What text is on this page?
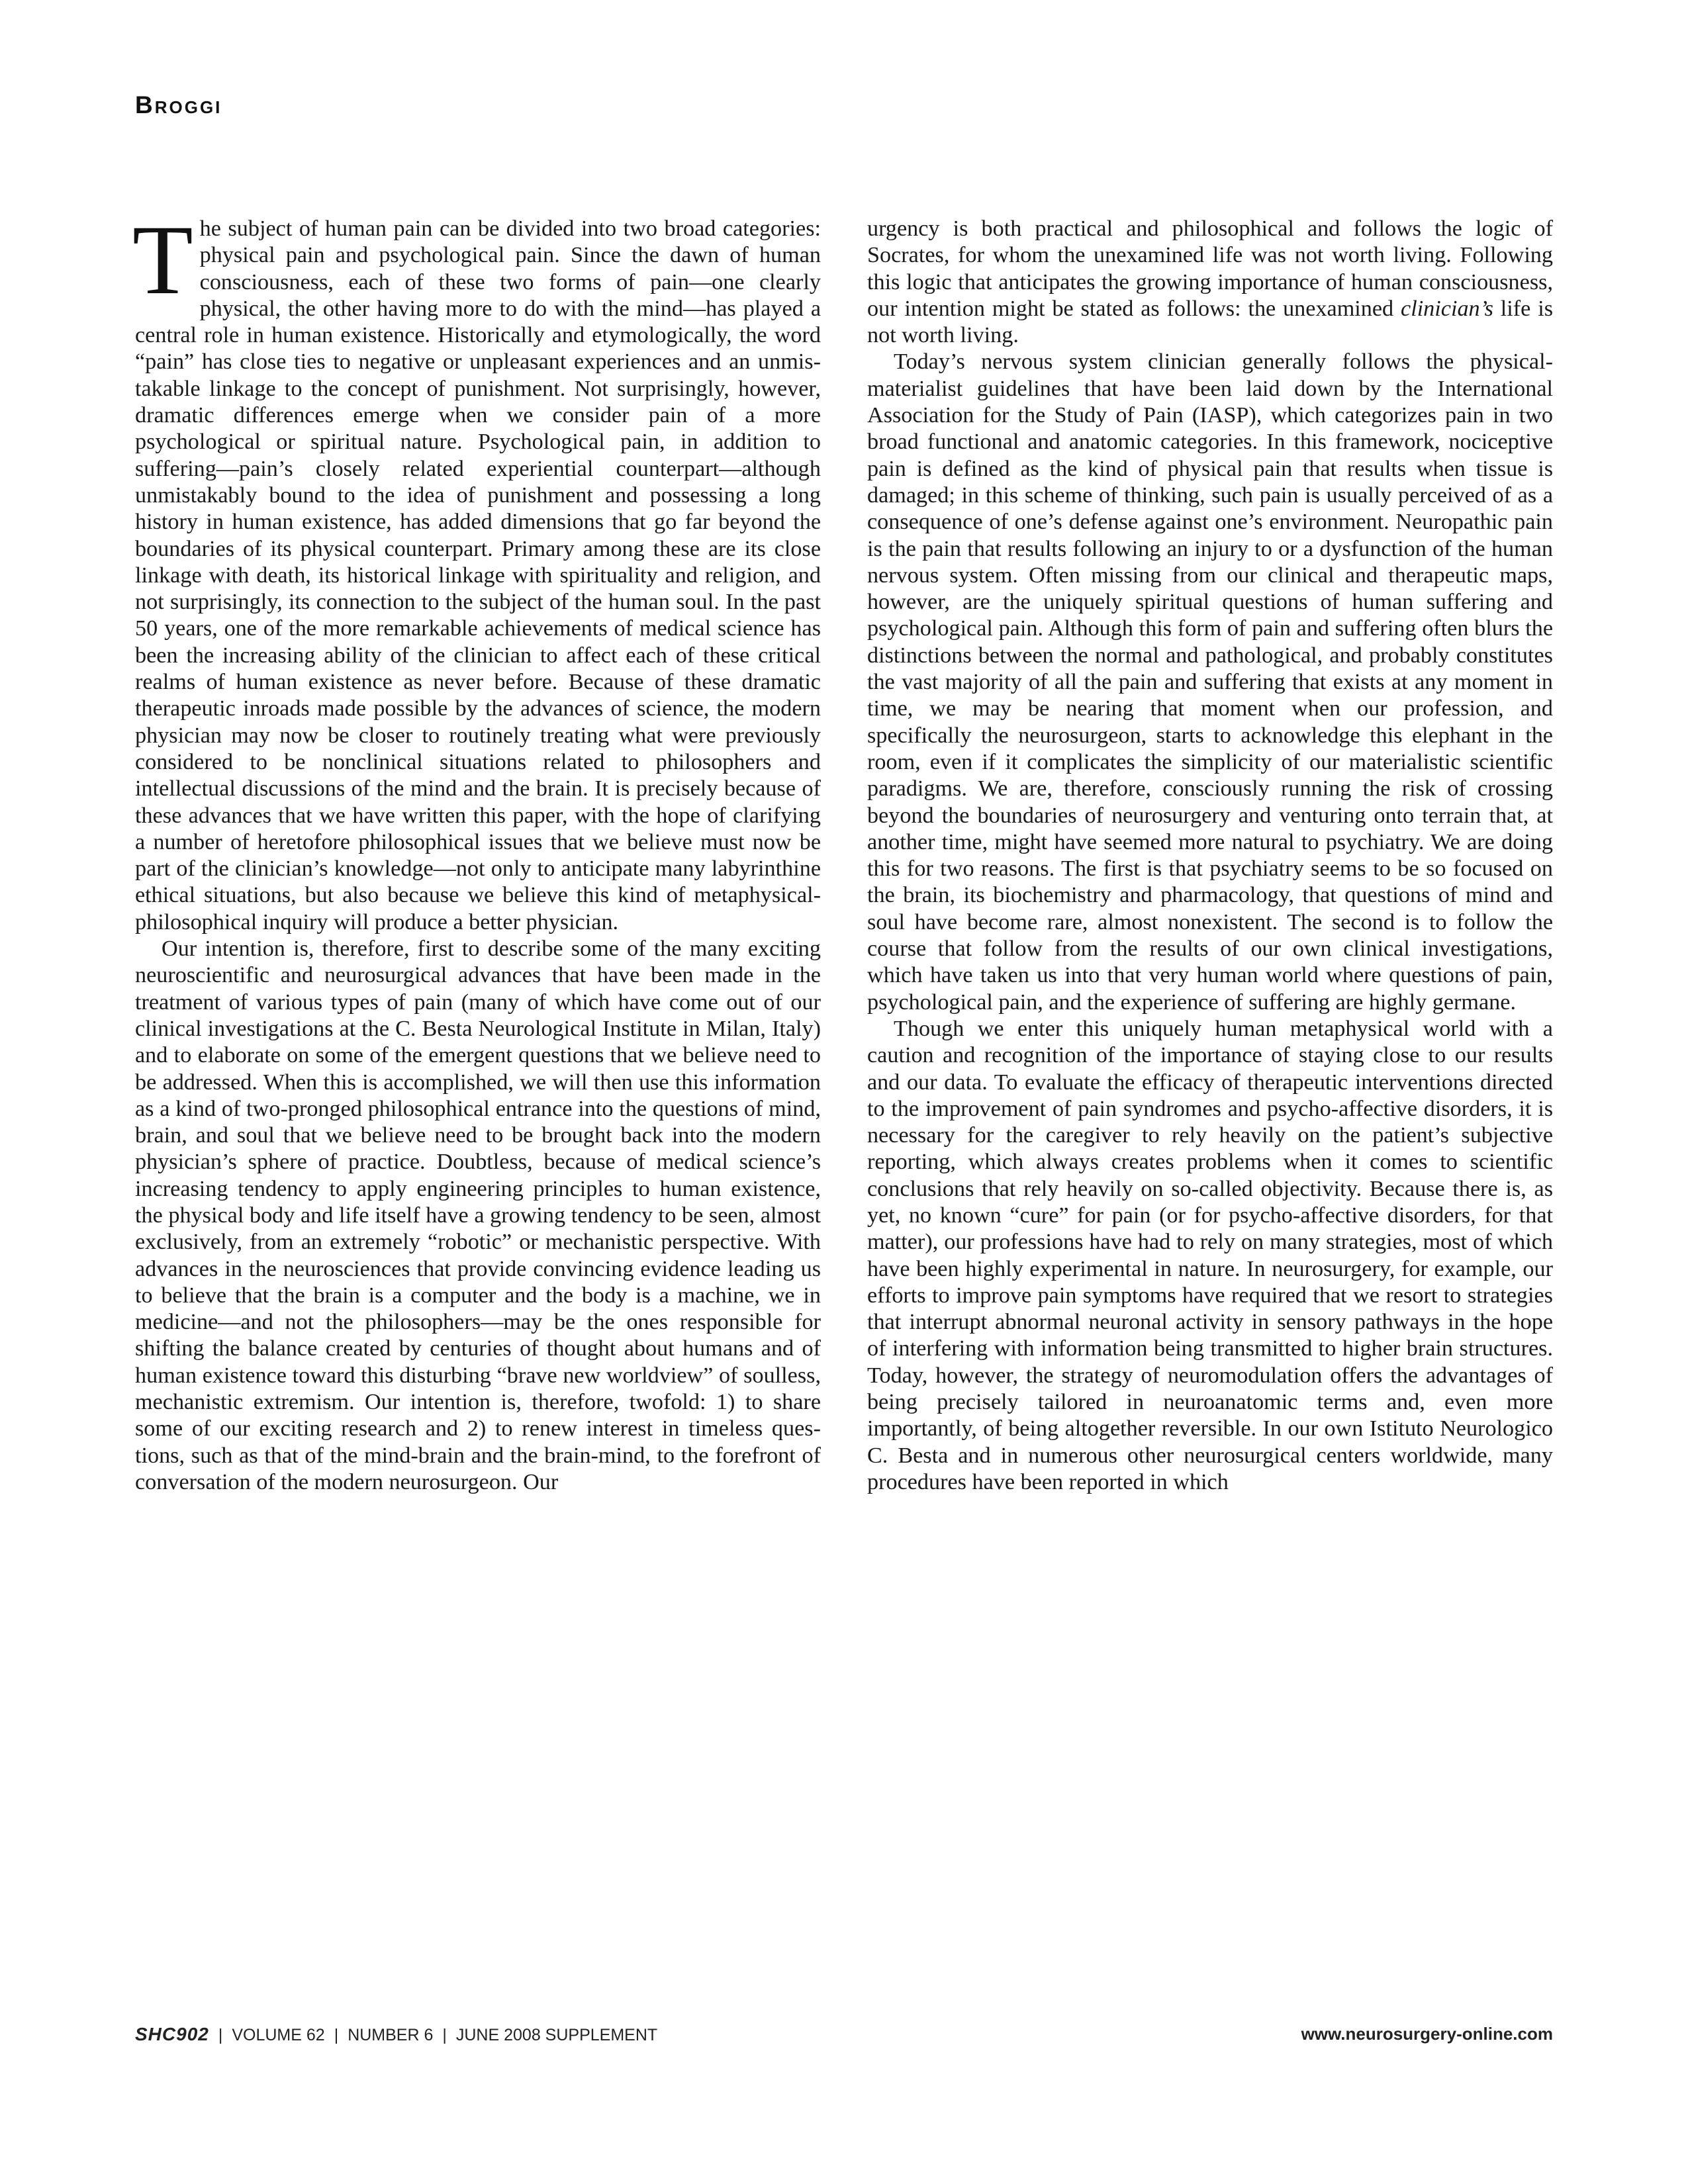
Broggi

The subject of human pain can be divided into two broad categories: physical pain and psychological pain. Since the dawn of human consciousness, each of these two forms of pain—one clearly physical, the other having more to do with the mind—has played a central role in human existence. Historically and etymologically, the word “pain” has close ties to negative or unpleasant experiences and an unmistakable linkage to the concept of punishment. Not surprisingly, however, dramatic differences emerge when we consider pain of a more psychological or spiritual nature. Psychological pain, in addition to suffering—pain’s closely related experiential counterpart—although unmistakably bound to the idea of punishment and possessing a long history in human existence, has added dimensions that go far beyond the boundaries of its physical counterpart. Primary among these are its close linkage with death, its historical linkage with spirituality and religion, and not surprisingly, its connection to the subject of the human soul. In the past 50 years, one of the more remarkable achievements of medical science has been the increasing ability of the clinician to affect each of these critical realms of human existence as never before. Because of these dramatic therapeutic inroads made possible by the advances of science, the modern physician may now be closer to routinely treating what were previously considered to be nonclinical situations related to philosophers and intellectual discussions of the mind and the brain. It is precisely because of these advances that we have written this paper, with the hope of clarifying a number of heretofore philosophical issues that we believe must now be part of the clinician’s knowledge—not only to anticipate many labyrinthine ethical situations, but also because we believe this kind of metaphysical-philosophical inquiry will produce a better physician.

Our intention is, therefore, first to describe some of the many exciting neuroscientific and neurosurgical advances that have been made in the treatment of various types of pain (many of which have come out of our clinical investigations at the C. Besta Neurological Institute in Milan, Italy) and to elaborate on some of the emergent questions that we believe need to be addressed. When this is accomplished, we will then use this information as a kind of two-pronged philosophical entrance into the questions of mind, brain, and soul that we believe need to be brought back into the modern physician’s sphere of practice. Doubtless, because of medical science’s increasing tendency to apply engineering principles to human existence, the physical body and life itself have a growing tendency to be seen, almost exclusively, from an extremely “robotic” or mechanistic perspective. With advances in the neurosciences that provide convincing evidence leading us to believe that the brain is a computer and the body is a machine, we in medicine—and not the philosophers—may be the ones responsible for shifting the balance created by centuries of thought about humans and of human existence toward this disturbing “brave new worldview” of soulless, mechanistic extremism. Our intention is, therefore, twofold: 1) to share some of our exciting research and 2) to renew interest in timeless questions, such as that of the mind-brain and the brain-mind, to the forefront of conversation of the modern neurosurgeon. Our

urgency is both practical and philosophical and follows the logic of Socrates, for whom the unexamined life was not worth living. Following this logic that anticipates the growing importance of human consciousness, our intention might be stated as follows: the unexamined clinician’s life is not worth living.

Today’s nervous system clinician generally follows the physical-materialist guidelines that have been laid down by the International Association for the Study of Pain (IASP), which categorizes pain in two broad functional and anatomic categories. In this framework, nociceptive pain is defined as the kind of physical pain that results when tissue is damaged; in this scheme of thinking, such pain is usually perceived of as a consequence of one’s defense against one’s environment. Neuropathic pain is the pain that results following an injury to or a dysfunction of the human nervous system. Often missing from our clinical and therapeutic maps, however, are the uniquely spiritual questions of human suffering and psychological pain. Although this form of pain and suffering often blurs the distinctions between the normal and pathological, and probably constitutes the vast majority of all the pain and suffering that exists at any moment in time, we may be nearing that moment when our profession, and specifically the neurosurgeon, starts to acknowledge this elephant in the room, even if it complicates the simplicity of our materialistic scientific paradigms. We are, therefore, consciously running the risk of crossing beyond the boundaries of neurosurgery and venturing onto terrain that, at another time, might have seemed more natural to psychiatry. We are doing this for two reasons. The first is that psychiatry seems to be so focused on the brain, its biochemistry and pharmacology, that questions of mind and soul have become rare, almost nonexistent. The second is to follow the course that follow from the results of our own clinical investigations, which have taken us into that very human world where questions of pain, psychological pain, and the experience of suffering are highly germane.

Though we enter this uniquely human metaphysical world with a caution and recognition of the importance of staying close to our results and our data. To evaluate the efficacy of therapeutic interventions directed to the improvement of pain syndromes and psycho-affective disorders, it is necessary for the caregiver to rely heavily on the patient’s subjective reporting, which always creates problems when it comes to scientific conclusions that rely heavily on so-called objectivity. Because there is, as yet, no known “cure” for pain (or for psycho-affective disorders, for that matter), our professions have had to rely on many strategies, most of which have been highly experimental in nature. In neurosurgery, for example, our efforts to improve pain symptoms have required that we resort to strategies that interrupt abnormal neuronal activity in sensory pathways in the hope of interfering with information being transmitted to higher brain structures. Today, however, the strategy of neuromodulation offers the advantages of being precisely tailored in neuroanatomic terms and, even more importantly, of being altogether reversible. In our own Istituto Neurologico C. Besta and in numerous other neurosurgical centers worldwide, many procedures have been reported in which

SHC902 | VOLUME 62 | NUMBER 6 | JUNE 2008 SUPPLEMENT	www.neurosurgery-online.com
